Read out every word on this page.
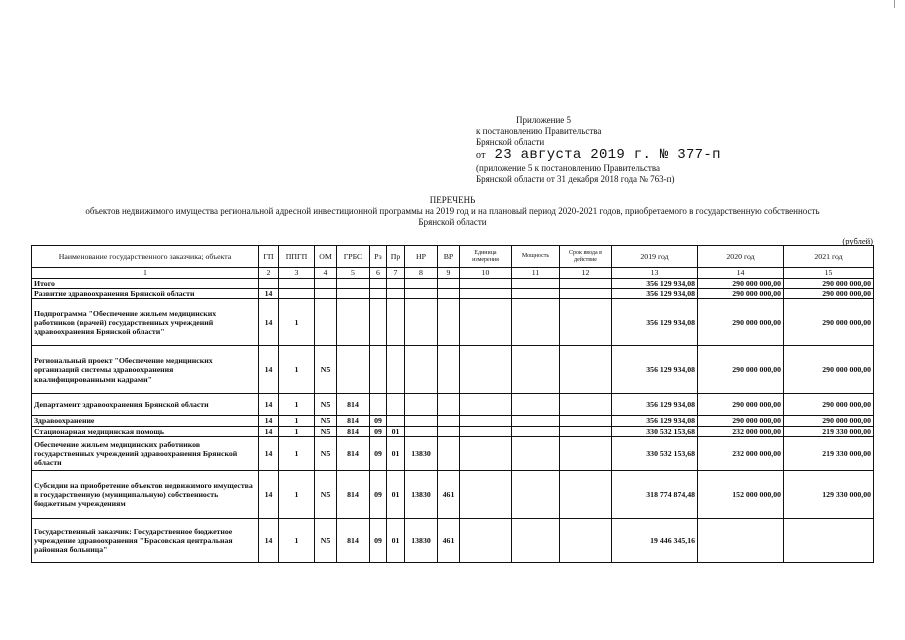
Приложение 5
к постановлению Правительства
Брянской области
от 23 августа 2019 г. № 377-п
(приложение 5 к постановлению Правительства
Брянской области от 31 декабря 2018 года № 763-п)
ПЕРЕЧЕНЬ
объектов недвижимого имущества региональной адресной инвестиционной программы на 2019 год и на плановый период 2020-2021 годов, приобретаемого в государственную собственность
Брянской области
(рублей)
Наименование государственного заказчика; объекта	ГП	ППГП	ОМ	ГРБС	Рз	Пр	НР	ВР	Единица измерения	Мощность	Срок ввода в действие	2019 год	2020 год	2021 год
1	2	3	4	5	6	7	8	9	10	11	12	13	14	15
Итого												356 129 934,08	290 000 000,00	290 000 000,00
Развитие здравоохранения Брянской области	14											356 129 934,08	290 000 000,00	290 000 000,00
Подпрограмма "Обеспечение жильем медицинских работников (врачей) государственных учреждений здравоохранения Брянской области"	14	1										356 129 934,08	290 000 000,00	290 000 000,00
Региональный проект "Обеспечение медицинских организаций системы здравоохранения квалифицированными кадрами"	14	1	N5									356 129 934,08	290 000 000,00	290 000 000,00
Департамент здравоохранения Брянской области	14	1	N5	814								356 129 934,08	290 000 000,00	290 000 000,00
Здравоохранение	14	1	N5	814	09							356 129 934,08	290 000 000,00	290 000 000,00
Стационарная медицинская помощь	14	1	N5	814	09	01						330 532 153,68	232 000 000,00	219 330 000,00
Обеспечение жильем медицинских работников государственных учреждений здравоохранения Брянской области	14	1	N5	814	09	01	13830					330 532 153,68	232 000 000,00	219 330 000,00
Субсидии на приобретение объектов недвижимого имущества в государственную (муниципальную) собственность бюджетным учреждениям	14	1	N5	814	09	01	13830	461				318 774 874,48	152 000 000,00	129 330 000,00
Государственный заказчик: Государственное бюджетное учреждение здравоохранения "Брасовская центральная районная больница"	14	1	N5	814	09	01	13830	461				19 446 345,16		
